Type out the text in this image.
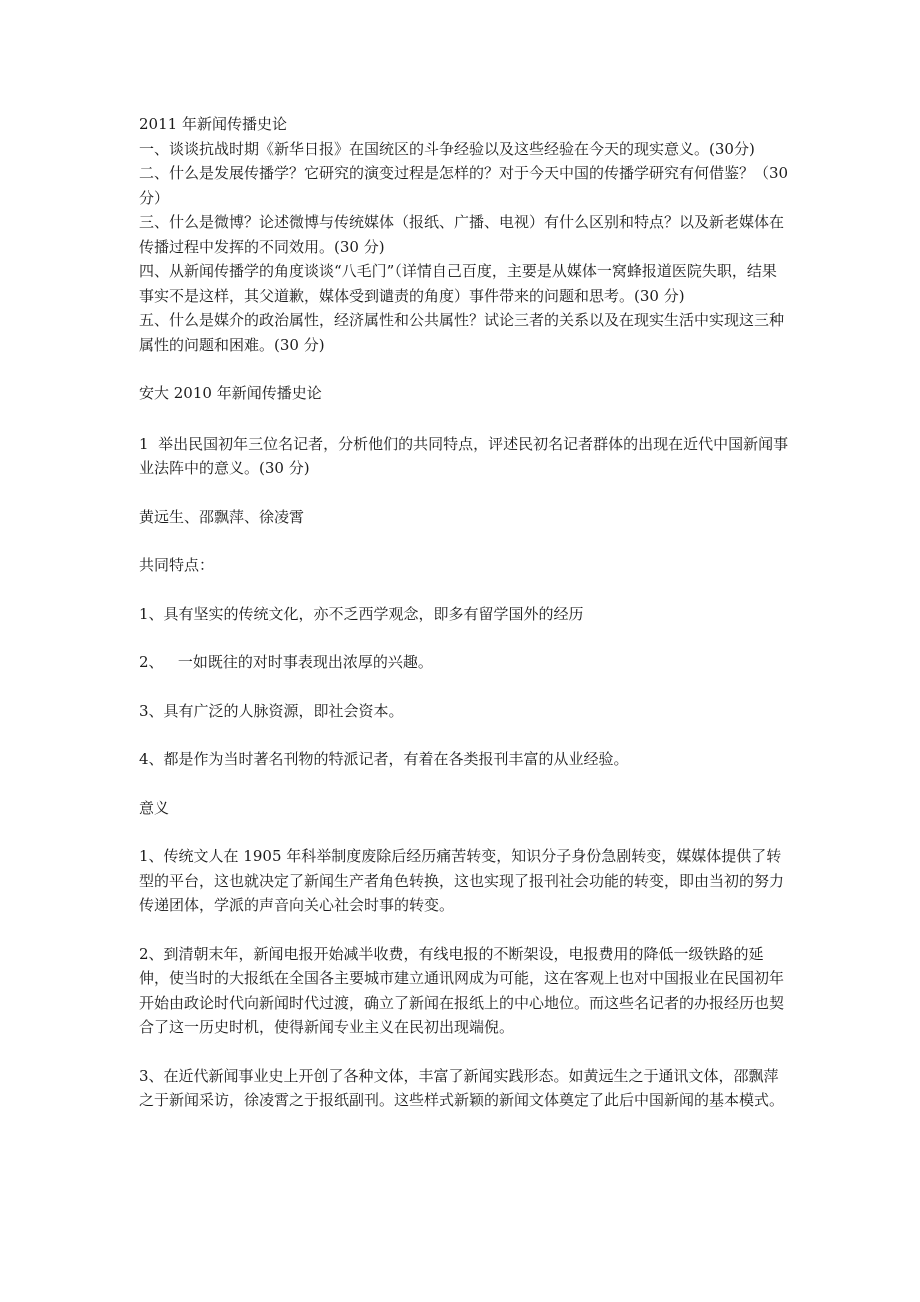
2011 年新闻传播史论

一、谈谈抗战时期《新华日报》在国统区的斗争经验以及这些经验在今天的现实意义。(30分)

二、什么是发展传播学？它研究的演变过程是怎样的？对于今天中国的传播学研究有何借鉴？（30 分）

三、什么是微博？论述微博与传统媒体（报纸、广播、电视）有什么区别和特点？以及新老媒体在传播过程中发挥的不同效用。(30 分)

四、从新闻传播学的角度谈谈“八毛门”（详情自己百度，主要是从媒体一窝蜂报道医院失职，结果事实不是这样，其父道歉，媒体受到谴责的角度）事件带来的问题和思考。(30 分)

五、什么是媒介的政治属性，经济属性和公共属性？试论三者的关系以及在现实生活中实现这三种属性的问题和困难。(30 分)

安大 2010 年新闻传播史论

1  举出民国初年三位名记者，分析他们的共同特点，评述民初名记者群体的出现在近代中国新闻事业法阵中的意义。(30 分)

黄远生、邵飘萍、徐凌霄

共同特点：

1、具有坚实的传统文化，亦不乏西学观念，即多有留学国外的经历

2、   一如既往的对时事表现出浓厚的兴趣。

3、具有广泛的人脉资源，即社会资本。

4、都是作为当时著名刊物的特派记者，有着在各类报刊丰富的从业经验。

意义

1、传统文人在 1905 年科举制度废除后经历痛苦转变，知识分子身份急剧转变，媒媒体提供了转型的平台，这也就决定了新闻生产者角色转换，这也实现了报刊社会功能的转变，即由当初的努力传递团体，学派的声音向关心社会时事的转变。

2、到清朝末年，新闻电报开始减半收费，有线电报的不断架设，电报费用的降低一级铁路的延伸，使当时的大报纸在全国各主要城市建立通讯网成为可能，这在客观上也对中国报业在民国初年开始由政论时代向新闻时代过渡，确立了新闻在报纸上的中心地位。而这些名记者的办报经历也契合了这一历史时机，使得新闻专业主义在民初出现端倪。

3、在近代新闻事业史上开创了各种文体，丰富了新闻实践形态。如黄远生之于通讯文体，邵飘萍之于新闻采访，徐凌霄之于报纸副刊。这些样式新颖的新闻文体奠定了此后中国新闻的基本模式。
